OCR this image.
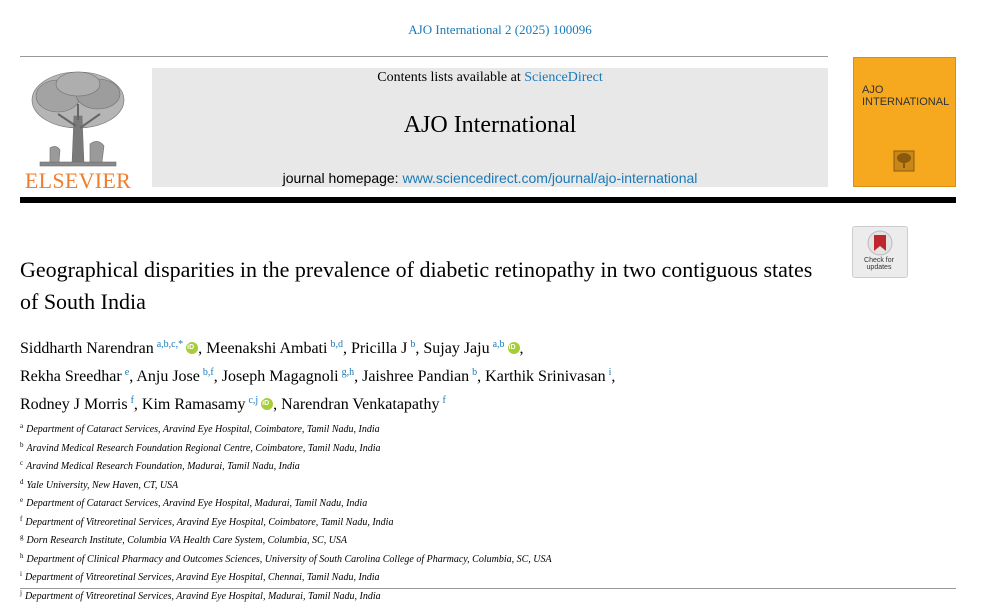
AJO International 2 (2025) 100096
ELSEVIER
Contents lists available at ScienceDirect
AJO International
journal homepage: www.sciencedirect.com/journal/ajo-international
AJO
INTERNATIONAL
Check for
updates
Geographical disparities in the prevalence of diabetic retinopathy in two contiguous states of South India
Siddharth Narendran $^{a,b,c,*}$ iD , Meenakshi Ambati $^{b,d}$, Pricilla J $^b$, Sujay Jaju $^{a,b}$ iD ,
Rekha Sreedhar $^e$, Anju Jose $^{b,f}$, Joseph Magagnoli $^{g,h}$, Jaishree Pandian $^b$, Karthik Srinivasan $^i$,
Rodney J Morris $^f$, Kim Ramasamy $^{c,j}$ iD , Narendran Venkatapathy $^f$
$^a$ Department of Cataract Services, Aravind Eye Hospital, Coimbatore, Tamil Nadu, India
$^b$ Aravind Medical Research Foundation Regional Centre, Coimbatore, Tamil Nadu, India
$^c$ Aravind Medical Research Foundation, Madurai, Tamil Nadu, India
$^d$ Yale University, New Haven, CT, USA
$^e$ Department of Cataract Services, Aravind Eye Hospital, Madurai, Tamil Nadu, India
$^f$ Department of Vitreoretinal Services, Aravind Eye Hospital, Coimbatore, Tamil Nadu, India
$^g$ Dorn Research Institute, Columbia VA Health Care System, Columbia, SC, USA
$^h$ Department of Clinical Pharmacy and Outcomes Sciences, University of South Carolina College of Pharmacy, Columbia, SC, USA
$^i$ Department of Vitreoretinal Services, Aravind Eye Hospital, Chennai, Tamil Nadu, India
$^j$ Department of Vitreoretinal Services, Aravind Eye Hospital, Madurai, Tamil Nadu, India
